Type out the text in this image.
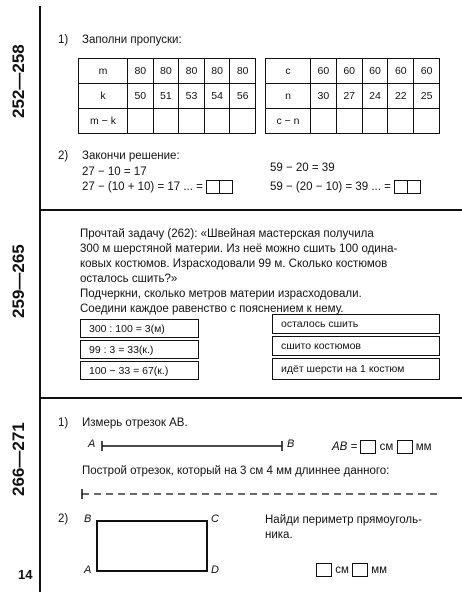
252—258
259—265
266—271
14
1) Заполни пропуски:
m	80	80	80	80	80
k	50	51	53	54	56
m − k					
c	60	60	60	60	60
n	30	27	24	22	25
c − n					
2) Закончи решение:
27 − 10 = 17
27 − (10 + 10) = 17 ... =
59 − 20 = 39
59 − (20 − 10) = 39 ... =
Прочтай задачу (262): «Швейная мастерская получила
300 м шерстяной материи. Из неё можно сшить 100 одина-
ковых костюмов. Израсходовали 99 м. Сколько костюмов
осталось сшить?»
Подчеркни, сколько метров материи израсходовали.
Соедини каждое равенство с пояснением к нему.
300 : 100 = 3(м)
99 : 3 = 33(к.)
100 − 33 = 67(к.)
осталось сшить
сшито костюмов
идёт шерсти на 1 костюм
1) Измерь отрезок AB.
A	B	AB = см мм
Построй отрезок, который на 3 см 4 мм длиннее данного:
2) B	C
A	D
Найди периметр прямоуголь-
ника.
см мм
